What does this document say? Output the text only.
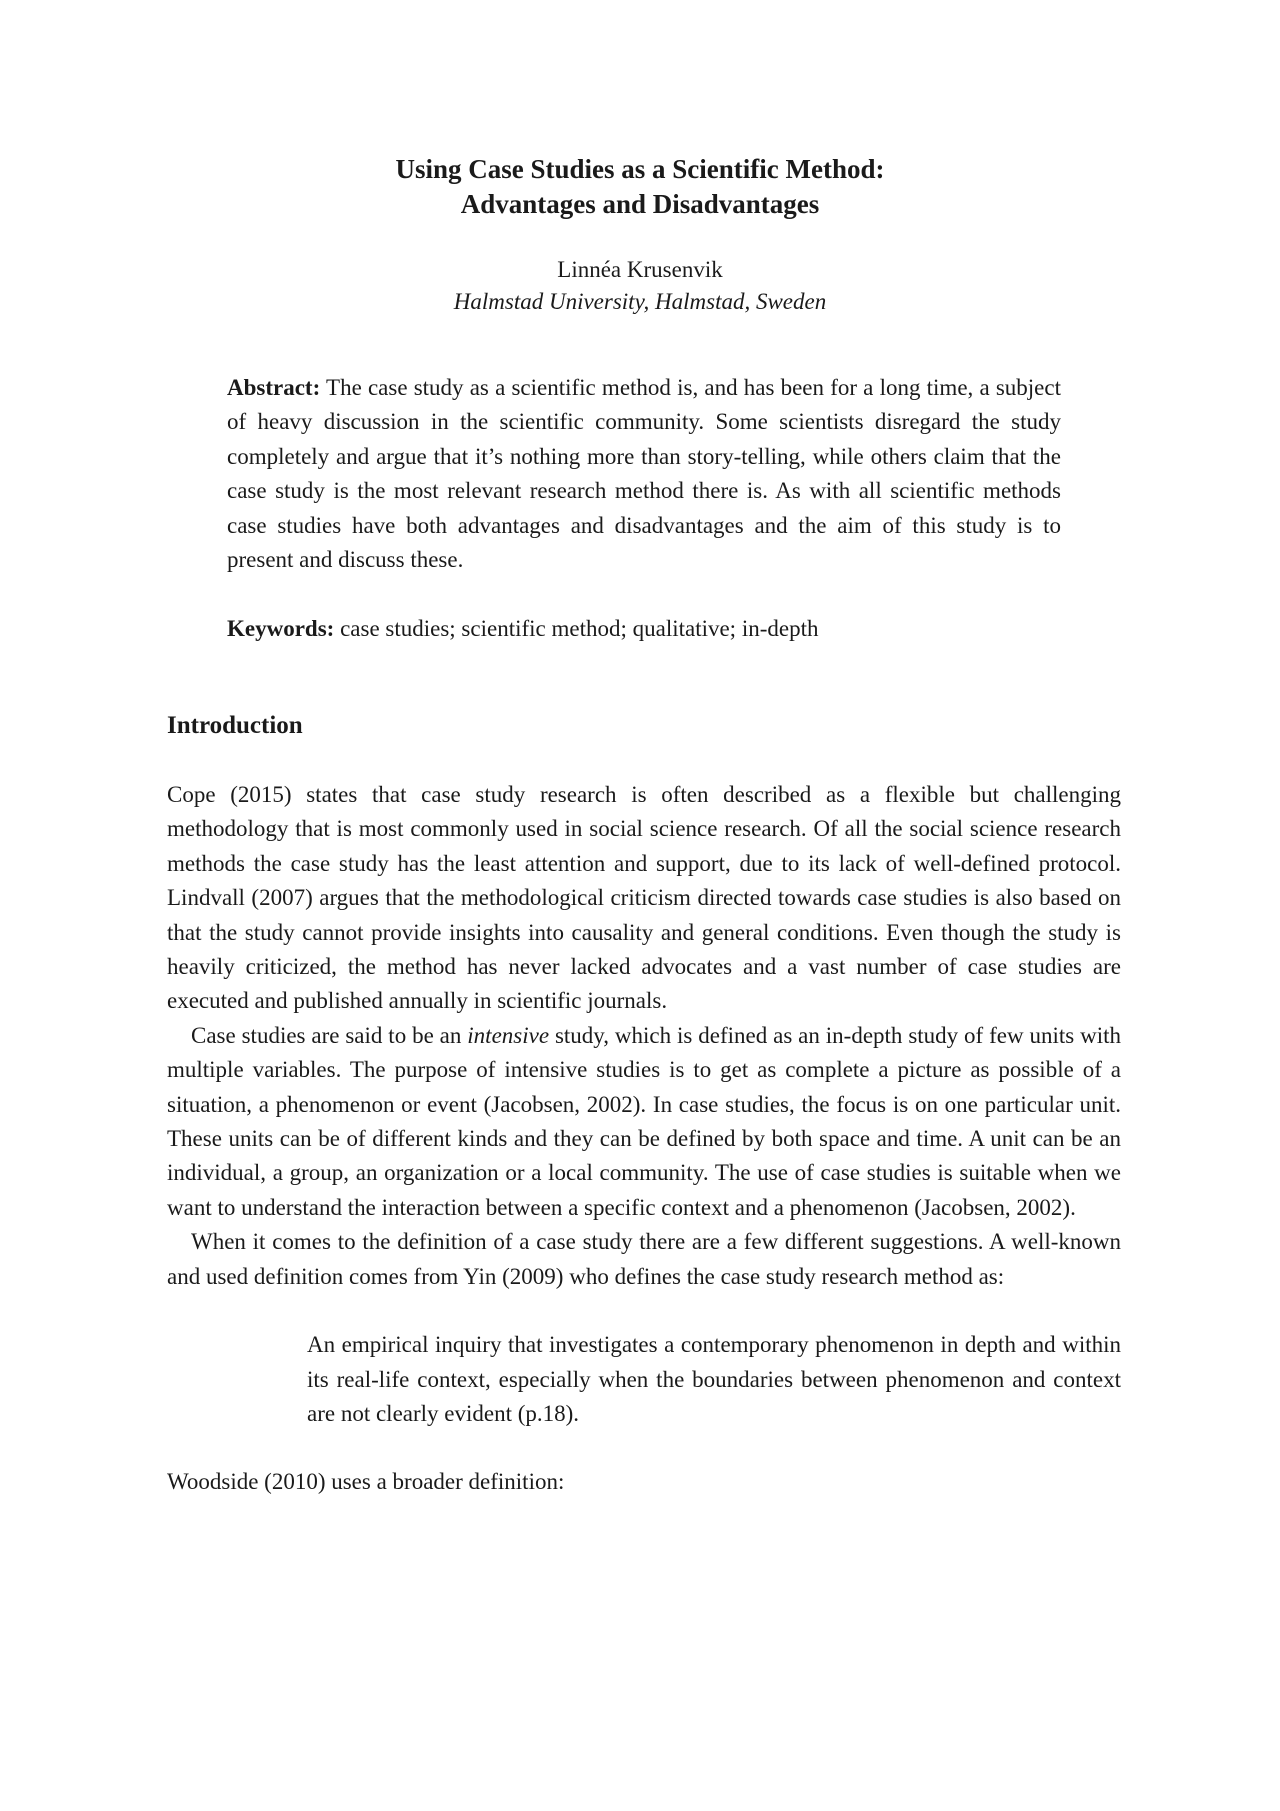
Using Case Studies as a Scientific Method:
Advantages and Disadvantages
Linnéa Krusenvik
Halmstad University, Halmstad, Sweden
Abstract: The case study as a scientific method is, and has been for a long time, a subject of heavy discussion in the scientific community. Some scientists disregard the study completely and argue that it’s nothing more than story-telling, while others claim that the case study is the most relevant research method there is. As with all scientific methods case studies have both advantages and disadvantages and the aim of this study is to present and discuss these.
Keywords: case studies; scientific method; qualitative; in-depth
Introduction

Cope (2015) states that case study research is often described as a flexible but challenging methodology that is most commonly used in social science research. Of all the social science research methods the case study has the least attention and support, due to its lack of well-defined protocol. Lindvall (2007) argues that the methodological criticism directed towards case studies is also based on that the study cannot provide insights into causality and general conditions. Even though the study is heavily criticized, the method has never lacked advocates and a vast number of case studies are executed and published annually in scientific journals.

Case studies are said to be an intensive study, which is defined as an in-depth study of few units with multiple variables. The purpose of intensive studies is to get as complete a picture as possible of a situation, a phenomenon or event (Jacobsen, 2002). In case studies, the focus is on one particular unit. These units can be of different kinds and they can be defined by both space and time. A unit can be an individual, a group, an organization or a local community. The use of case studies is suitable when we want to understand the interaction between a specific context and a phenomenon (Jacobsen, 2002).

When it comes to the definition of a case study there are a few different suggestions. A well-known and used definition comes from Yin (2009) who defines the case study research method as:

An empirical inquiry that investigates a contemporary phenomenon in depth and within its real-life context, especially when the boundaries between phenomenon and context are not clearly evident (p.18).

Woodside (2010) uses a broader definition:
